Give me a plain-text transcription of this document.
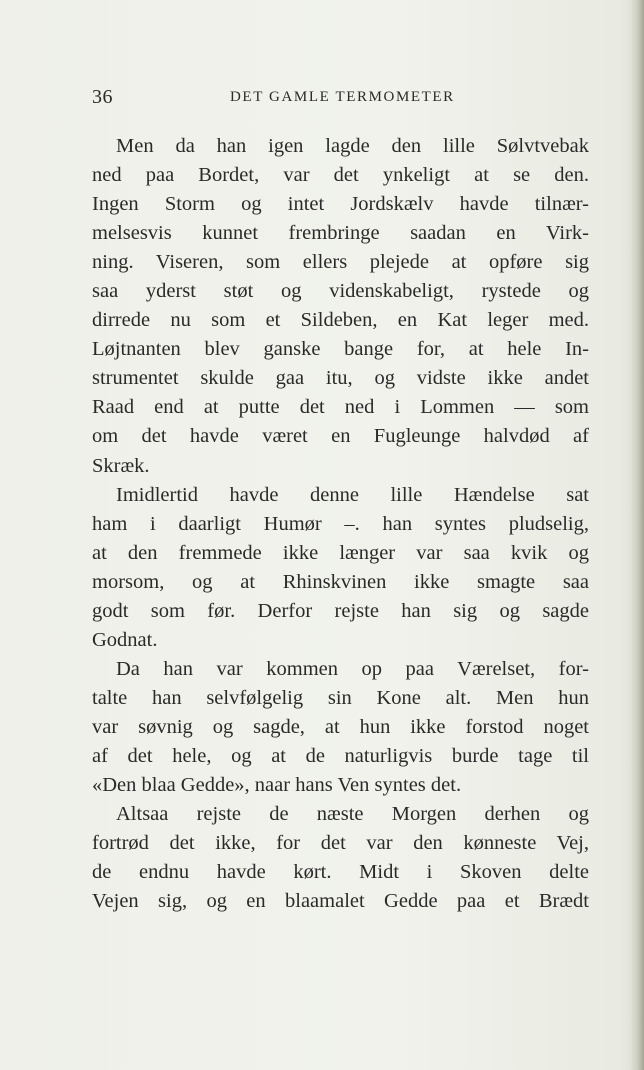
36	DET GAMLE TERMOMETER
Men da han igen lagde den lille Sølvtvebak
ned paa Bordet, var det ynkeligt at se den.
Ingen Storm og intet Jordskælv havde tilnær-
melsesvis kunnet frembringe saadan en Virk-
ning. Viseren, som ellers plejede at opføre sig
saa yderst støt og videnskabeligt, rystede og
dirrede nu som et Sildeben, en Kat leger med.
Løjtnanten blev ganske bange for, at hele In-
strumentet skulde gaa itu, og vidste ikke andet
Raad end at putte det ned i Lommen — som
om det havde været en Fugleunge halvdød af
Skræk.
Imidlertid havde denne lille Hændelse sat
ham i daarligt Humør –. han syntes pludselig,
at den fremmede ikke længer var saa kvik og
morsom, og at Rhinskvinen ikke smagte saa
godt som før. Derfor rejste han sig og sagde
Godnat.
Da han var kommen op paa Værelset, for-
talte han selvfølgelig sin Kone alt. Men hun
var søvnig og sagde, at hun ikke forstod noget
af det hele, og at de naturligvis burde tage til
«Den blaa Gedde», naar hans Ven syntes det.
Altsaa rejste de næste Morgen derhen og
fortrød det ikke, for det var den kønneste Vej,
de endnu havde kørt. Midt i Skoven delte
Vejen sig, og en blaamalet Gedde paa et Brædt
